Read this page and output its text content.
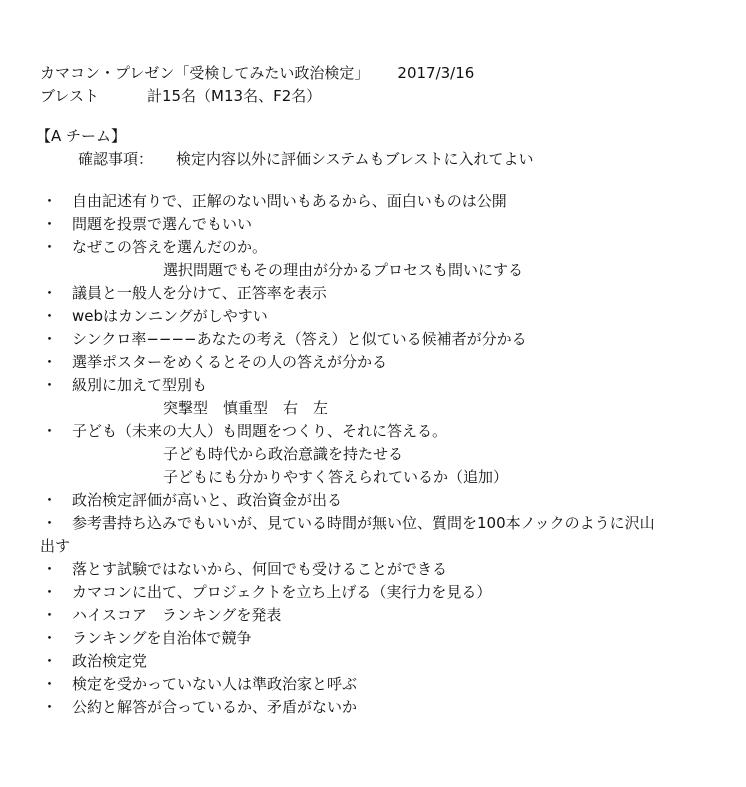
カマコン・プレゼン「受検してみたい政治検定」 2017/3/16
ブレスト	計15名（M13名、F2名）
【A チーム】
確認事項： 検定内容以外に評価システムもブレストに入れてよい
・ 自由記述有りで、正解のない問いもあるから、面白いものは公開
・ 問題を投票で選んでもいい
・ なぜこの答えを選んだのか。
選択問題でもその理由が分かるプロセスも問いにする
・ 議員と一般人を分けて、正答率を表示
・ webはカンニングがしやすい
・ シンクロ率−−−−あなたの考え（答え）と似ている候補者が分かる
・ 選挙ポスターをめくるとその人の答えが分かる
・ 級別に加えて型別も
突撃型　慎重型　右　左
・ 子ども（未来の大人）も問題をつくり、それに答える。
子ども時代から政治意識を持たせる
子どもにも分かりやすく答えられているか（追加）
・ 政治検定評価が高いと、政治資金が出る
・ 参考書持ち込みでもいいが、見ている時間が無い位、質問を100本ノックのように沢山
出す
・ 落とす試験ではないから、何回でも受けることができる
・ カマコンに出て、プロジェクトを立ち上げる（実行力を見る）
・ ハイスコア　ランキングを発表
・ ランキングを自治体で競争
・ 政治検定党
・ 検定を受かっていない人は準政治家と呼ぶ
・ 公約と解答が合っているか、矛盾がないか
